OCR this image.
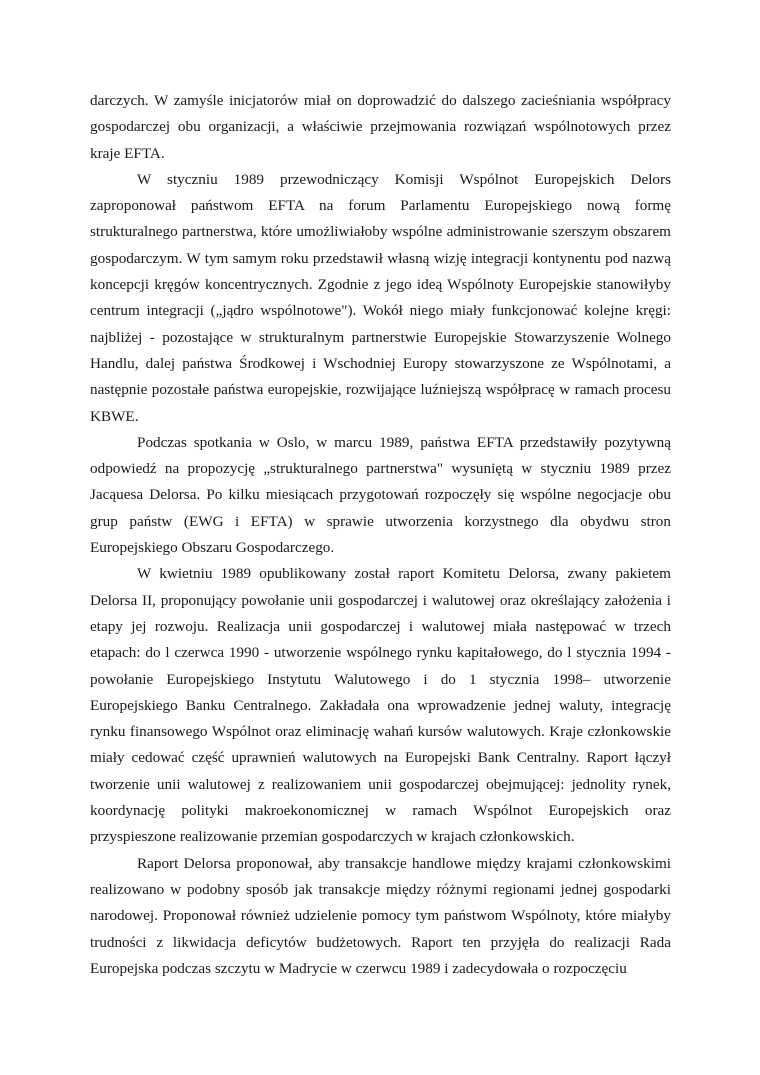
darczych. W zamyśle inicjatorów miał on doprowadzić do dalszego zacieśniania współpracy gospodarczej obu organizacji, a właściwie przejmowania rozwiązań wspólnotowych przez kraje EFTA.

W styczniu 1989 przewodniczący Komisji Wspólnot Europejskich Delors zaproponował państwom EFTA na forum Parlamentu Europejskiego nową formę strukturalnego partnerstwa, które umożliwiałoby wspólne administrowanie szerszym obszarem gospodarczym. W tym samym roku przedstawił własną wizję integracji kontynentu pod nazwą koncepcji kręgów koncentrycznych. Zgodnie z jego ideą Wspólnoty Europejskie stanowiłyby centrum integracji („jądro wspólnotowe"). Wokół niego miały funkcjonować kolejne kręgi: najbliżej - pozostające w strukturalnym partnerstwie Europejskie Stowarzyszenie Wolnego Handlu, dalej państwa Środkowej i Wschodniej Europy stowarzyszone ze Wspólnotami, a następnie pozostałe państwa europejskie, rozwijające luźniejszą współpracę w ramach procesu KBWE.

Podczas spotkania w Oslo, w marcu 1989, państwa EFTA przedstawiły pozytywną odpowiedź na propozycję „strukturalnego partnerstwa" wysuniętą w styczniu 1989 przez Jacąuesa Delorsa. Po kilku miesiącach przygotowań rozpoczęły się wspólne negocjacje obu grup państw (EWG i EFTA) w sprawie utworzenia korzystnego dla obydwu stron Europejskiego Obszaru Gospodarczego.

W kwietniu 1989 opublikowany został raport Komitetu Delorsa, zwany pakietem Delorsa II, proponujący powołanie unii gospodarczej i walutowej oraz określający założenia i etapy jej rozwoju. Realizacja unii gospodarczej i walutowej miała następować w trzech etapach: do l czerwca 1990 - utworzenie wspólnego rynku kapitałowego, do l stycznia 1994 - powołanie Europejskiego Instytutu Walutowego i do 1 stycznia 1998– utworzenie Europejskiego Banku Centralnego. Zakładała ona wprowadzenie jednej waluty, integrację rynku finansowego Wspólnot oraz eliminację wahań kursów walutowych. Kraje członkowskie miały cedować część uprawnień walutowych na Europejski Bank Centralny. Raport łączył tworzenie unii walutowej z realizowaniem unii gospodarczej obejmującej: jednolity rynek, koordynację polityki makroekonomicznej w ramach Wspólnot Europejskich oraz przyspieszone realizowanie przemian gospodarczych w krajach członkowskich.

Raport Delorsa proponował, aby transakcje handlowe między krajami członkowskimi realizowano w podobny sposób jak transakcje między różnymi regionami jednej gospodarki narodowej. Proponował również udzielenie pomocy tym państwom Wspólnoty, które miałyby trudności z likwidacja deficytów budżetowych. Raport ten przyjęła do realizacji Rada Europejska podczas szczytu w Madrycie w czerwcu 1989 i zadecydowała o rozpoczęciu
